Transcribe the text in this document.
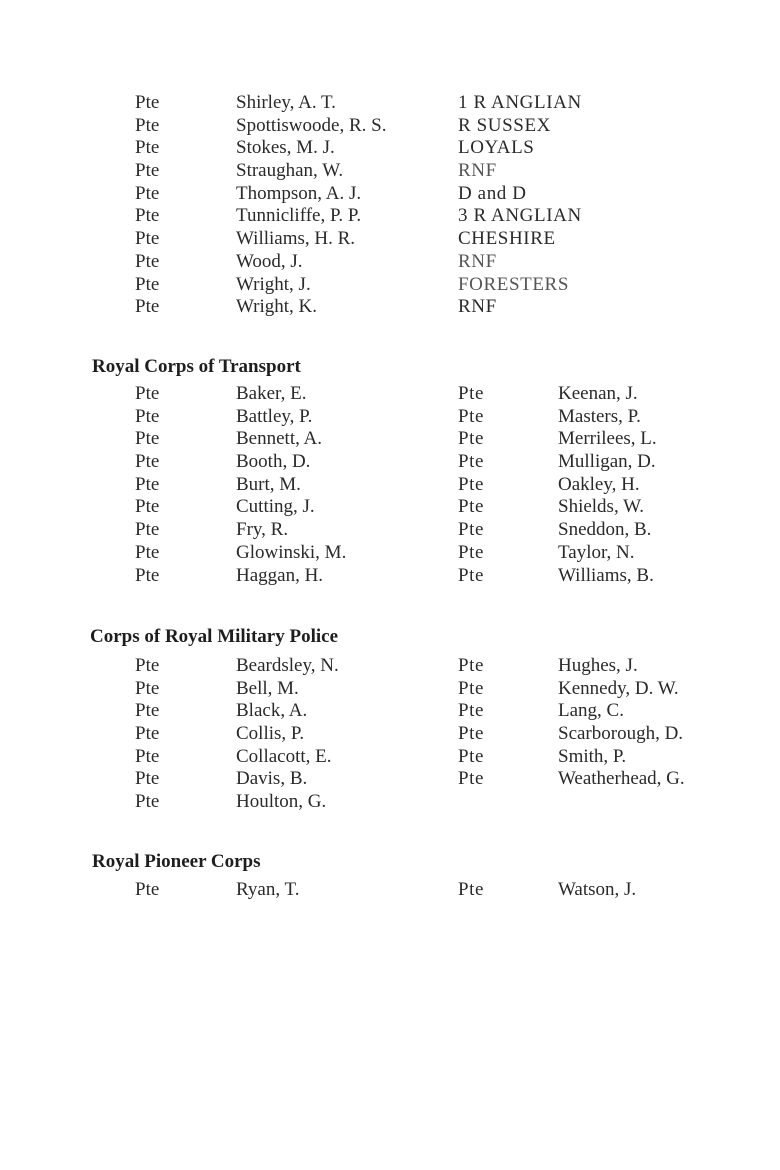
Pte	Shirley, A. T.	1 R ANGLIAN
Pte	Spottiswoode, R. S.	R SUSSEX
Pte	Stokes, M. J.	LOYALS
Pte	Straughan, W.	RNF
Pte	Thompson, A. J.	D and D
Pte	Tunnicliffe, P. P.	3 R ANGLIAN
Pte	Williams, H. R.	CHESHIRE
Pte	Wood, J.	RNF
Pte	Wright, J.	FORESTERS
Pte	Wright, K.	RNF
Royal Corps of Transport
Pte	Baker, E.	Pte	Keenan, J.
Pte	Battley, P.	Pte	Masters, P.
Pte	Bennett, A.	Pte	Merrilees, L.
Pte	Booth, D.	Pte	Mulligan, D.
Pte	Burt, M.	Pte	Oakley, H.
Pte	Cutting, J.	Pte	Shields, W.
Pte	Fry, R.	Pte	Sneddon, B.
Pte	Glowinski, M.	Pte	Taylor, N.
Pte	Haggan, H.	Pte	Williams, B.
Corps of Royal Military Police
Pte	Beardsley, N.	Pte	Hughes, J.
Pte	Bell, M.	Pte	Kennedy, D. W.
Pte	Black, A.	Pte	Lang, C.
Pte	Collis, P.	Pte	Scarborough, D.
Pte	Collacott, E.	Pte	Smith, P.
Pte	Davis, B.	Pte	Weatherhead, G.
Pte	Houlton, G.
Royal Pioneer Corps
Pte	Ryan, T.	Pte	Watson, J.
